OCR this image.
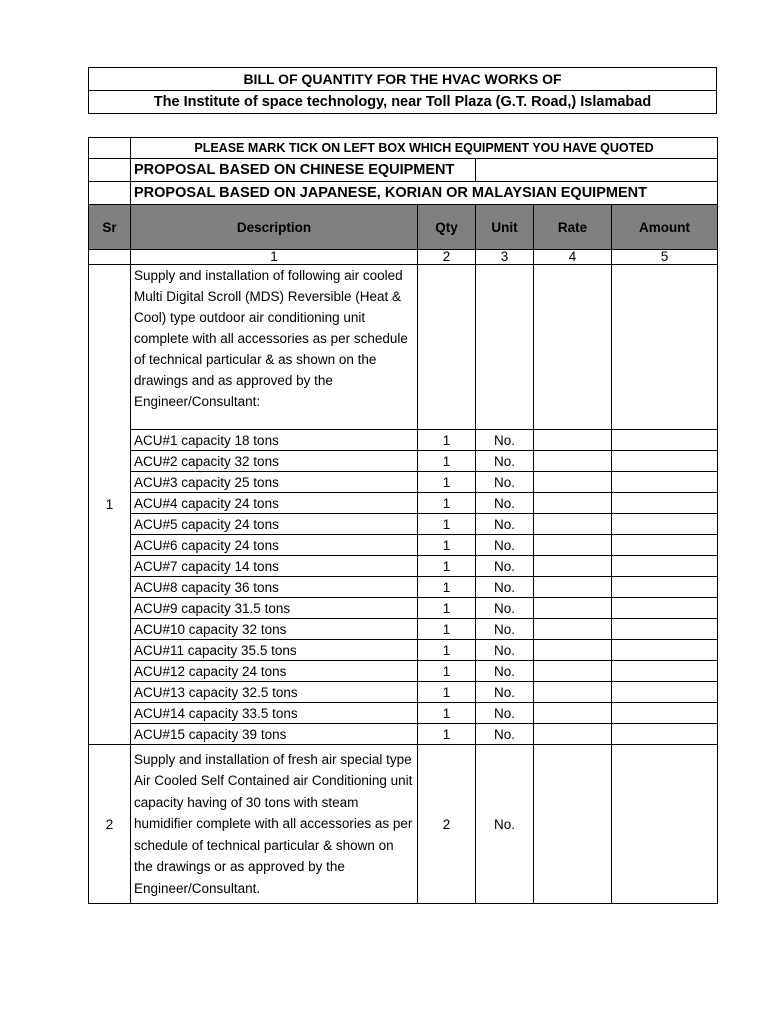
BILL OF QUANTITY FOR THE HVAC WORKS OF
The Institute of space technology, near Toll Plaza (G.T. Road,) Islamabad
	PLEASE MARK TICK ON LEFT BOX WHICH EQUIPMENT YOU HAVE QUOTED				
	PROPOSAL BASED ON CHINESE EQUIPMENT				
	PROPOSAL BASED ON JAPANESE, KORIAN OR MALAYSIAN EQUIPMENT				
Sr	Description	Qty	Unit	Rate	Amount
	1	2	3	4	5
1	Supply and installation of following air cooled Multi Digital Scroll (MDS) Reversible (Heat & Cool) type outdoor air conditioning unit complete with all accessories as per schedule of technical particular & as shown on the drawings and as approved by the Engineer/Consultant:				
	ACU#1 capacity 18 tons	1	No.		
	ACU#2 capacity 32 tons	1	No.		
	ACU#3 capacity 25 tons	1	No.		
	ACU#4 capacity 24 tons	1	No.		
	ACU#5 capacity 24 tons	1	No.		
	ACU#6 capacity 24 tons	1	No.		
	ACU#7 capacity 14 tons	1	No.		
	ACU#8 capacity 36 tons	1	No.		
	ACU#9 capacity 31.5 tons	1	No.		
	ACU#10 capacity 32 tons	1	No.		
	ACU#11 capacity 35.5 tons	1	No.		
	ACU#12 capacity 24 tons	1	No.		
	ACU#13 capacity 32.5 tons	1	No.		
	ACU#14 capacity 33.5 tons	1	No.		
	ACU#15 capacity 39 tons	1	No.		
2	Supply and installation of fresh air special type Air Cooled Self Contained air Conditioning unit capacity having of 30 tons with steam humidifier complete with all accessories as per schedule of technical particular & shown on the drawings or as approved by the Engineer/Consultant.	2	No.		
